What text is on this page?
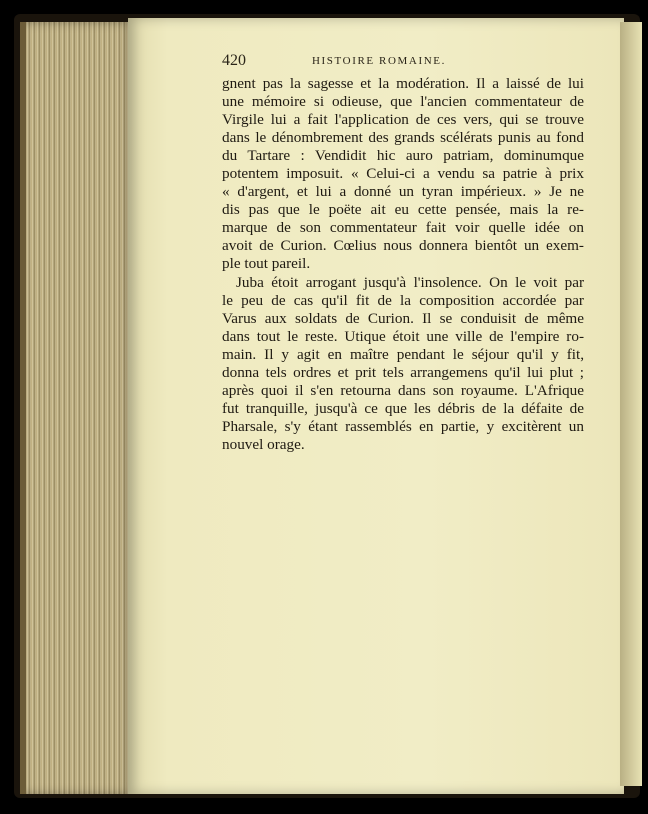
420	HISTOIRE ROMAINE.
gnent pas la sagesse et la modération. Il a laissé de lui
une mémoire si odieuse, que l'ancien commentateur de
Virgile lui a fait l'application de ces vers, qui se trouve
dans le dénombrement des grands scélérats punis au fond
du Tartare : Vendidit hic auro patriam, dominumque
potentem imposuit. « Celui-ci a vendu sa patrie à prix
« d'argent, et lui a donné un tyran impérieux. » Je ne
dis pas que le poëte ait eu cette pensée, mais la re-
marque de son commentateur fait voir quelle idée on
avoit de Curion. Cœlius nous donnera bientôt un exem-
ple tout pareil.
Juba étoit arrogant jusqu'à l'insolence. On le voit par
le peu de cas qu'il fit de la composition accordée par
Varus aux soldats de Curion. Il se conduisit de même
dans tout le reste. Utique étoit une ville de l'empire ro-
main. Il y agit en maître pendant le séjour qu'il y fit,
donna tels ordres et prit tels arrangemens qu'il lui plut ;
après quoi il s'en retourna dans son royaume. L'Afrique
fut tranquille, jusqu'à ce que les débris de la défaite de
Pharsale, s'y étant rassemblés en partie, y excitèrent un
nouvel orage.
